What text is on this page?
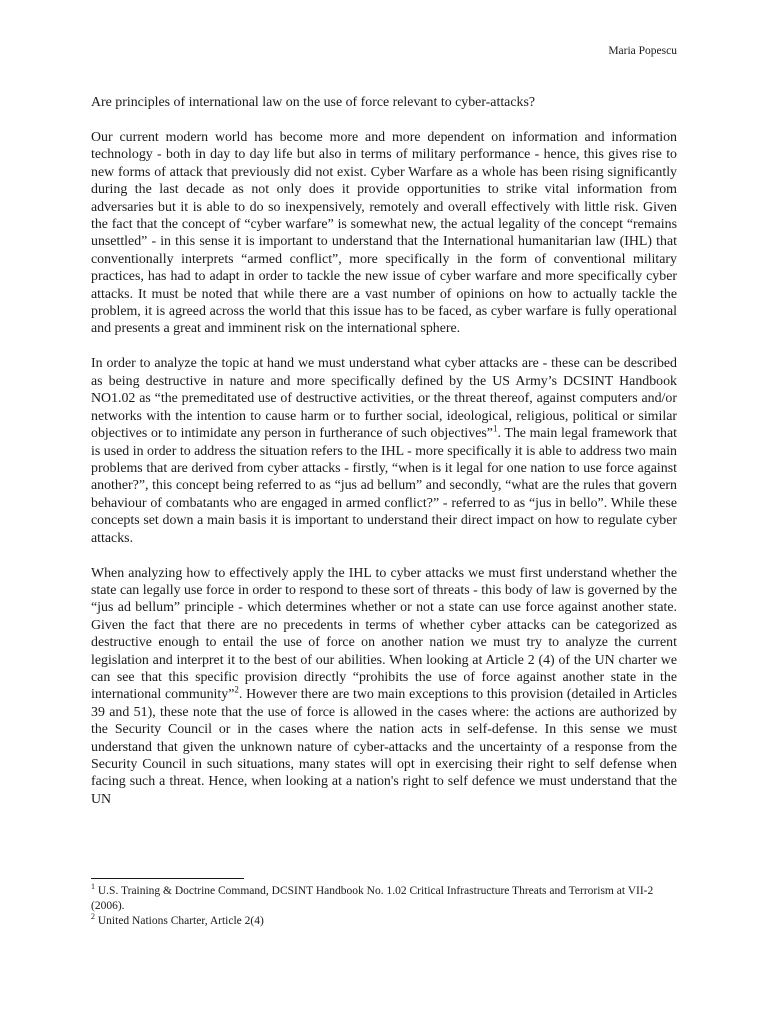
Maria Popescu

Are principles of international law on the use of force relevant to cyber-attacks?

Our current modern world has become more and more dependent on information and information technology - both in day to day life but also in terms of military performance - hence, this gives rise to new forms of attack that previously did not exist. Cyber Warfare as a whole has been rising significantly during the last decade as not only does it provide opportunities to strike vital information from adversaries but it is able to do so inexpensively, remotely and overall effectively with little risk. Given the fact that the concept of “cyber warfare” is somewhat new, the actual legality of the concept “remains unsettled” - in this sense it is important to understand that the International humanitarian law (IHL) that conventionally interprets “armed conflict”, more specifically in the form of conventional military practices, has had to adapt in order to tackle the new issue of cyber warfare and more specifically cyber attacks. It must be noted that while there are a vast number of opinions on how to actually tackle the problem, it is agreed across the world that this issue has to be faced, as cyber warfare is fully operational and presents a great and imminent risk on the international sphere.

In order to analyze the topic at hand we must understand what cyber attacks are - these can be described as being destructive in nature and more specifically defined by the US Army’s DCSINT Handbook NO1.02 as “the premeditated use of destructive activities, or the threat thereof, against computers and/or networks with the intention to cause harm or to further social, ideological, religious, political or similar objectives or to intimidate any person in furtherance of such objectives”$^1$. The main legal framework that is used in order to address the situation refers to the IHL - more specifically it is able to address two main problems that are derived from cyber attacks - firstly, “when is it legal for one nation to use force against another?”, this concept being referred to as “jus ad bellum” and secondly, “what are the rules that govern behaviour of combatants who are engaged in armed conflict?” - referred to as “jus in bello”. While these concepts set down a main basis it is important to understand their direct impact on how to regulate cyber attacks.

When analyzing how to effectively apply the IHL to cyber attacks we must first understand whether the state can legally use force in order to respond to these sort of threats - this body of law is governed by the “jus ad bellum” principle - which determines whether or not a state can use force against another state. Given the fact that there are no precedents in terms of whether cyber attacks can be categorized as destructive enough to entail the use of force on another nation we must try to analyze the current legislation and interpret it to the best of our abilities. When looking at Article 2 (4) of the UN charter we can see that this specific provision directly “prohibits the use of force against another state in the international community”$^2$. However there are two main exceptions to this provision (detailed in Articles 39 and 51), these note that the use of force is allowed in the cases where: the actions are authorized by the Security Council or in the cases where the nation acts in self-defense. In this sense we must understand that given the unknown nature of cyber-attacks and the uncertainty of a response from the Security Council in such situations, many states will opt in exercising their right to self defense when facing such a threat. Hence, when looking at a nation's right to self defence we must understand that the UN

$^1$ U.S. Training & Doctrine Command, DCSINT Handbook No. 1.02 Critical Infrastructure Threats and Terrorism at VII-2 (2006).
$^2$ United Nations Charter, Article 2(4)
